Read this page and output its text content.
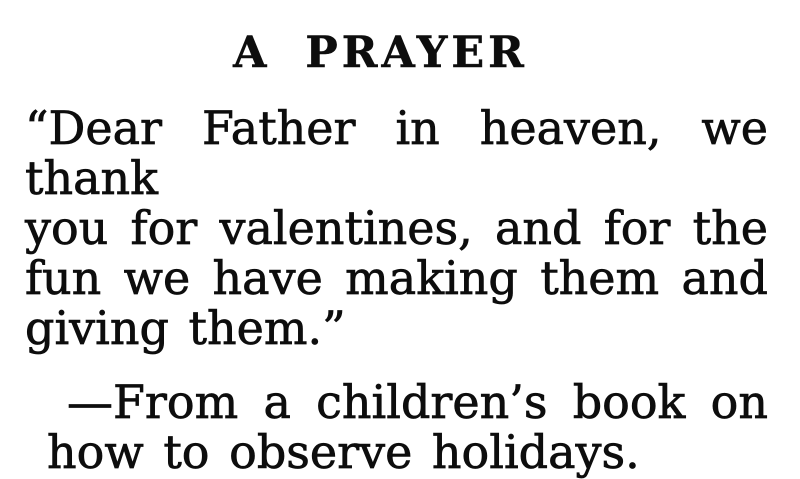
A PRAYER
“Dear Father in heaven, we thank
you for valentines, and for the
fun we have making them and
giving them.”
—From a children’s book on
how to observe holidays.
